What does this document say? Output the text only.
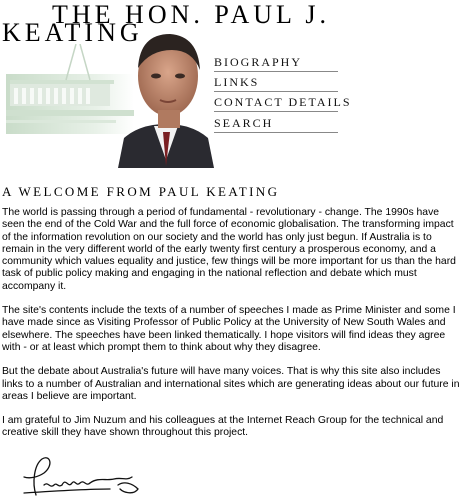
THE HON. PAUL J.
KEATING
BIOGRAPHY
LINKS
CONTACT DETAILS
SEARCH
A WELCOME FROM PAUL KEATING

The world is passing through a period of fundamental - revolutionary - change. The 1990s have seen the end of the Cold War and the full force of economic globalisation. The transforming impact of the information revolution on our society and the world has only just begun. If Australia is to remain in the very different world of the early twenty first century a prosperous economy, and a community which values equality and justice, few things will be more important for us than the hard task of public policy making and engaging in the national reflection and debate which must accompany it.

The site's contents include the texts of a number of speeches I made as Prime Minister and some I have made since as Visiting Professor of Public Policy at the University of New South Wales and elsewhere. The speeches have been linked thematically. I hope visitors will find ideas they agree with - or at least which prompt them to think about why they disagree.

But the debate about Australia's future will have many voices. That is why this site also includes links to a number of Australian and international sites which are generating ideas about our future in areas I believe are important.

I am grateful to Jim Nuzum and his colleagues at the Internet Reach Group for the technical and creative skill they have shown throughout this project.
